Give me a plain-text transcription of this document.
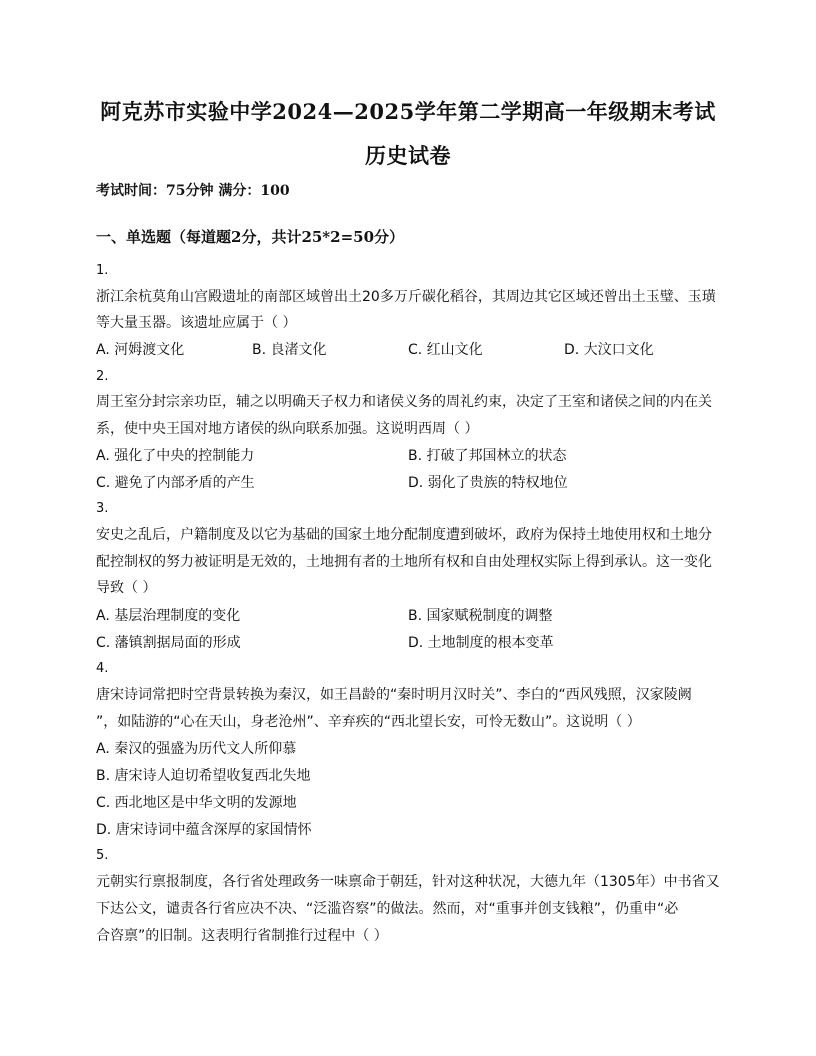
阿克苏市实验中学2024—2025学年第二学期高一年级期末考试
历史试卷
考试时间：75分钟 满分：100
一、单选题（每道题2分，共计25*2=50分）
1.
浙江余杭莫角山宫殿遗址的南部区域曾出土20多万斤碳化稻谷，其周边其它区域还曾出土玉璧、玉璜
等大量玉器。该遗址应属于（ ）
A. 河姆渡文化	B. 良渚文化	C. 红山文化	D. 大汶口文化
2.
周王室分封宗亲功臣，辅之以明确天子权力和诸侯义务的周礼约束，决定了王室和诸侯之间的内在关
系，使中央王国对地方诸侯的纵向联系加强。这说明西周（ ）
A. 强化了中央的控制能力	B. 打破了邦国林立的状态
C. 避免了内部矛盾的产生	D. 弱化了贵族的特权地位
3.
安史之乱后，户籍制度及以它为基础的国家土地分配制度遭到破坏，政府为保持土地使用权和土地分
配控制权的努力被证明是无效的，土地拥有者的土地所有权和自由处理权实际上得到承认。这一变化
导致（ ）
A. 基层治理制度的变化	B. 国家赋税制度的调整
C. 藩镇割据局面的形成	D. 土地制度的根本变革
4.
唐宋诗词常把时空背景转换为秦汉，如王昌龄的“秦时明月汉时关”、李白的“西风残照，汉家陵阙
”，如陆游的“心在天山，身老沧州”、辛弃疾的“西北望长安，可怜无数山”。这说明（ ）
A. 秦汉的强盛为历代文人所仰慕
B. 唐宋诗人迫切希望收复西北失地
C. 西北地区是中华文明的发源地
D. 唐宋诗词中蕴含深厚的家国情怀
5.
元朝实行禀报制度，各行省处理政务一味禀命于朝廷，针对这种状况，大德九年（1305年）中书省又
下达公文，谴责各行省应决不决、“泛滥咨察”的做法。然而，对“重事并创支钱粮”，仍重申“必
合咨禀”的旧制。这表明行省制推行过程中（ ）
